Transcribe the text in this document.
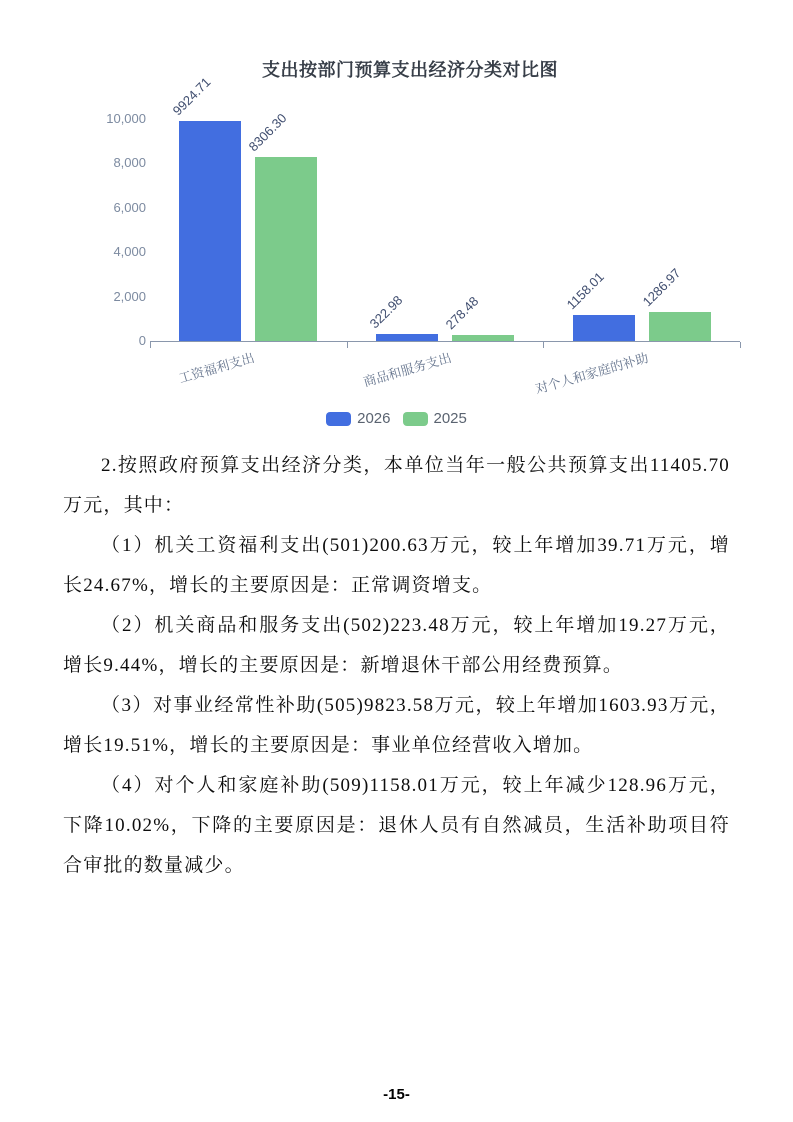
支出按部门预算支出经济分类对比图
0
2,000
4,000
6,000
8,000
10,000
9924.71
322.98	1158.01
8306.30
278.48
1286.97
工资福利支出	商品和服务支出	对个人和家庭的补助
2026	2025

2.按照政府预算支出经济分类，本单位当年一般公共预算支出11405.70万元，其中：

（1）机关工资福利支出(501)200.63万元，较上年增加39.71万元，增长24.67%，增长的主要原因是：正常调资增支。

（2）机关商品和服务支出(502)223.48万元，较上年增加19.27万元，增长9.44%，增长的主要原因是：新增退休干部公用经费预算。

（3）对事业经常性补助(505)9823.58万元，较上年增加1603.93万元，增长19.51%，增长的主要原因是：事业单位经营收入增加。

（4）对个人和家庭补助(509)1158.01万元，较上年减少128.96万元，下降10.02%，下降的主要原因是：退休人员有自然减员，生活补助项目符合审批的数量减少。

-15-
